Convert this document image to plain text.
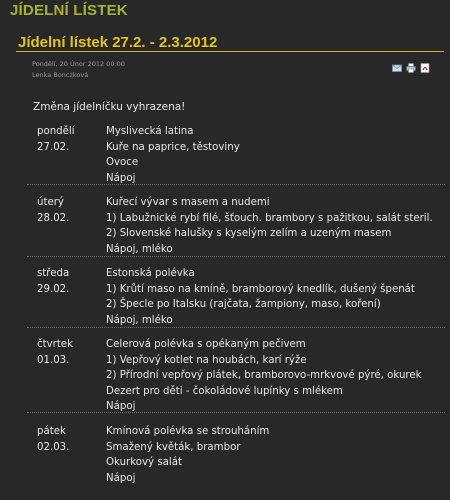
JÍDELNÍ LÍSTEK
Jídelní lístek 27.2. - 2.3.2012
Pondělí, 20 Únor 2012 00:00
Lenka Bonczková
Změna jídelníčku vyhrazena!
pondělí
27.02.
Myslivecká latina
Kuře na paprice, těstoviny
Ovoce
Nápoj
úterý
28.02.
Kuřecí vývar s masem a nudemi
1) Labužnické rybí filé, šťouch. brambory s pažitkou, salát steril.
2) Slovenské halušky s kyselým zelím a uzeným masem
Nápoj, mléko
středa
29.02.
Estonská polévka
1) Krůtí maso na kmíně, bramborový knedlík, dušený špenát
2) Špecle po Italsku (rajčata, žampiony, maso, koření)
Nápoj, mléko
čtvrtek
01.03.
Celerová polévka s opékaným pečivem
1) Vepřový kotlet na houbách, karí rýže
2) Přírodní vepřový plátek, bramborovo-mrkvové pýré, okurek
Dezert pro děti - čokoládové lupínky s mlékem
Nápoj
pátek
02.03.
Kmínová polévka se strouháním
Smažený květák, brambor
Okurkový salát
Nápoj
